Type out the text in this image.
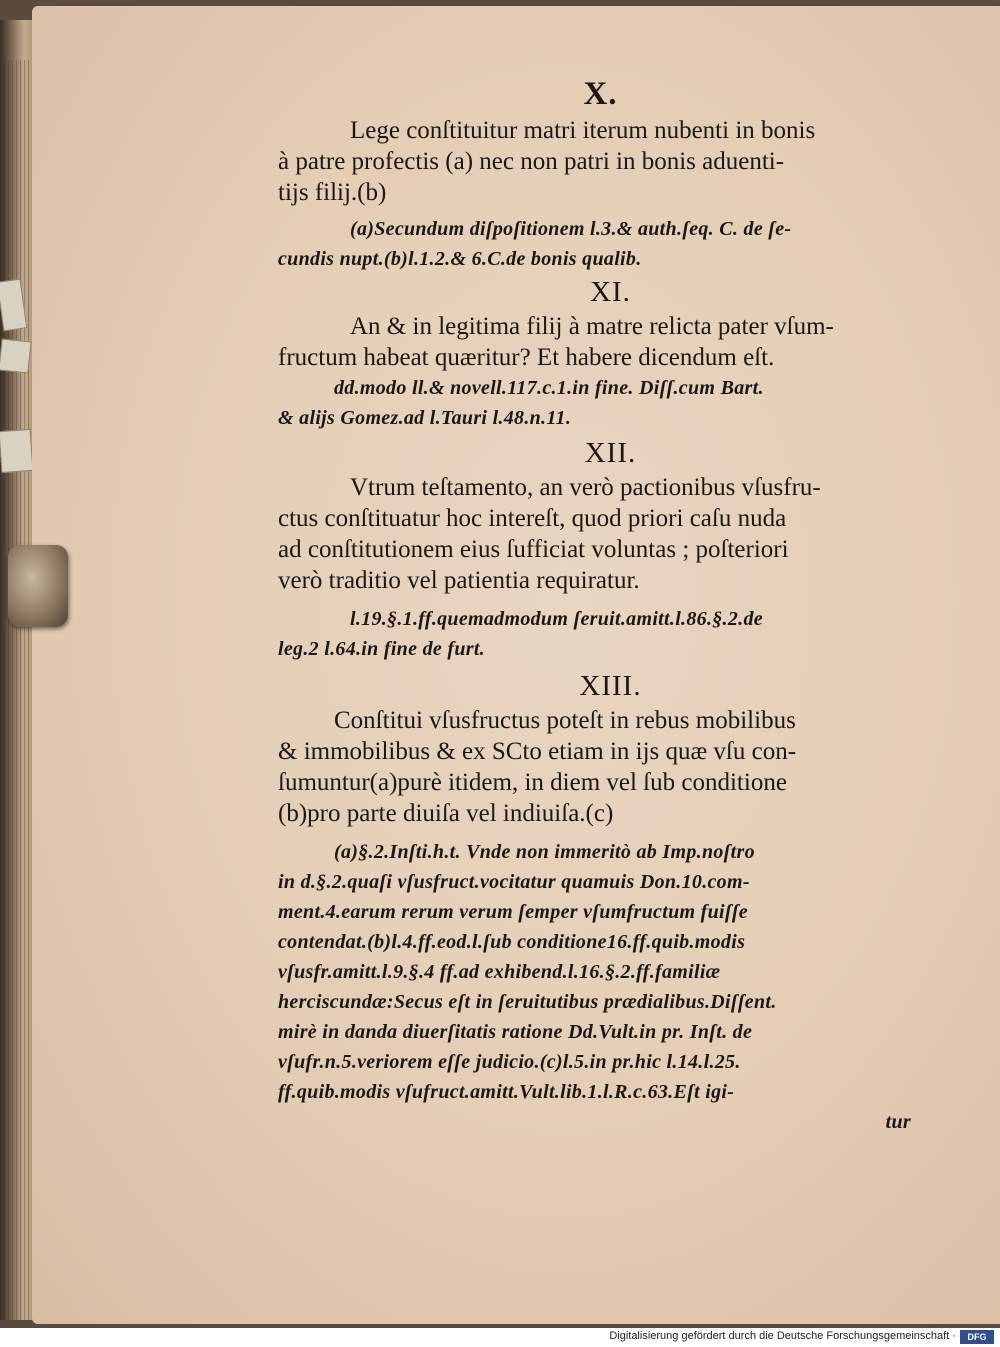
X.

Lege conſtituitur matri iterum nubenti in bonis
à patre profectis (a) nec non patri in bonis aduenti-
tijs filij.(b)

(a)Secundum diſpoſitionem l.3.& auth.ſeq. C. de ſe-
cundis nupt.(b)l.1.2.& 6.C.de bonis qualib.

XI.

An & in legitima filij à matre relicta pater vſum-
fructum habeat quæritur? Et habere dicendum eſt.

dd.modo ll.& novell.117.c.1.in fine. Diſſ.cum Bart.
& alijs Gomez.ad l.Tauri l.48.n.11.

XII.

Vtrum teſtamento, an verò pactionibus vſusfru-
ctus conſtituatur hoc intereſt, quod priori caſu nuda
ad conſtitutionem eius ſufficiat voluntas ; poſteriori
verò traditio vel patientia requiratur.

l.19.§.1.ff.quemadmodum ſeruit.amitt.l.86.§.2.de
leg.2 l.64.in fine de furt.

XIII.

Conſtitui vſusfructus poteſt in rebus mobilibus
& immobilibus & ex SCto etiam in ijs quæ vſu con-
ſumuntur(a)purè itidem, in diem vel ſub conditione
(b)pro parte diuiſa vel indiuiſa.(c)

(a)§.2.Inſti.h.t. Vnde non immeritò ab Imp.noſtro
in d.§.2.quaſi vſusfruct.vocitatur quamuis Don.10.com-
ment.4.earum rerum verum ſemper vſumfructum fuiſſe
contendat.(b)l.4.ff.eod.l.ſub conditione16.ff.quib.modis
vſusfr.amitt.l.9.§.4 ff.ad exhibend.l.16.§.2.ff.familiæ
herciscundæ:Secus eſt in ſeruitutibus prædialibus.Diſſent.
mirè in danda diuerſitatis ratione Dd.Vult.in pr. Inſt. de
vſufr.n.5.veriorem eſſe judicio.(c)l.5.in pr.hic l.14.l.25.
ff.quib.modis vſufruct.amitt.Vult.lib.1.l.R.c.63.Eſt igi-
tur

Digitalisierung gefördert durch die Deutsche Forschungsgemeinschaft ·	DFG
